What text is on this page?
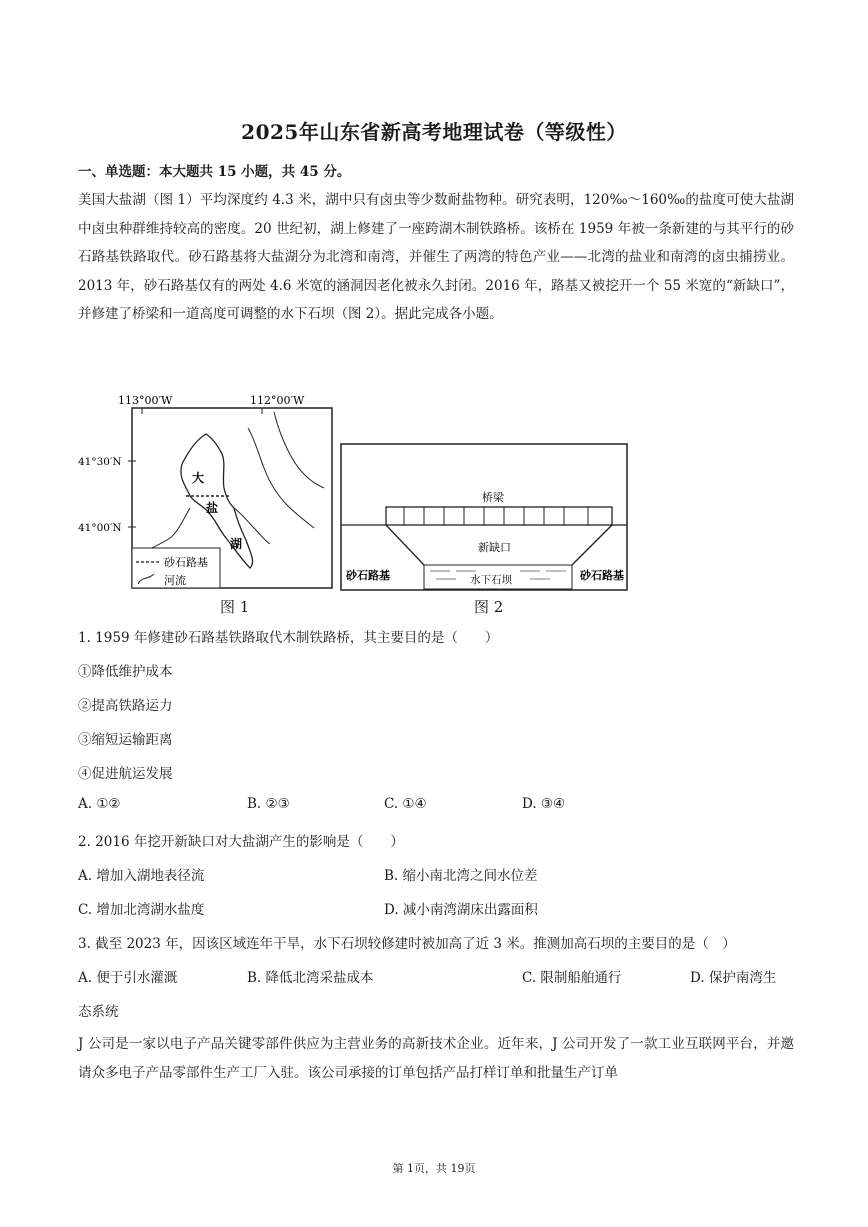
2025年山东省新高考地理试卷（等级性）
一、单选题：本大题共 15 小题，共 45 分。
美国大盐湖（图 1）平均深度约 4.3 米，湖中只有卤虫等少数耐盐物种。研究表明，120‰～160‰的盐度可使大盐湖中卤虫种群维持较高的密度。20 世纪初，湖上修建了一座跨湖木制铁路桥。该桥在 1959 年被一条新建的与其平行的砂石路基铁路取代。砂石路基将大盐湖分为北湾和南湾，并催生了两湾的特色产业——北湾的盐业和南湾的卤虫捕捞业。2013 年，砂石路基仅有的两处 4.6 米宽的涵洞因老化被永久封闭。2016 年，路基又被挖开一个 55 米宽的“新缺口”，并修建了桥梁和一道高度可调整的水下石坝（图 2）。据此完成各小题。
113°00′W	112°00′W
41°30′N
41°00′N
大
盐
湖
砂石路基
河流
图 1
桥梁
新缺口
水下石坝
砂石路基	砂石路基
图 2
1. 1959 年修建砂石路基铁路取代木制铁路桥，其主要目的是（　　）
①降低维护成本
②提高铁路运力
③缩短运输距离
④促进航运发展
A. ①②	B. ②③	C. ①④	D. ③④
2. 2016 年挖开新缺口对大盐湖产生的影响是（　　）
A. 增加入湖地表径流	B. 缩小南北湾之间水位差
C. 增加北湾湖水盐度	D. 减小南湾湖床出露面积
3. 截至 2023 年，因该区域连年干旱，水下石坝较修建时被加高了近 3 米。推测加高石坝的主要目的是（　）
A. 便于引水灌溉	B. 降低北湾采盐成本	C. 限制船舶通行	D. 保护南湾生
态系统
J 公司是一家以电子产品关键零部件供应为主营业务的高新技术企业。近年来，J 公司开发了一款工业互联网平台，并邀请众多电子产品零部件生产工厂入驻。该公司承接的订单包括产品打样订单和批量生产订单
第 1页，共 19页
